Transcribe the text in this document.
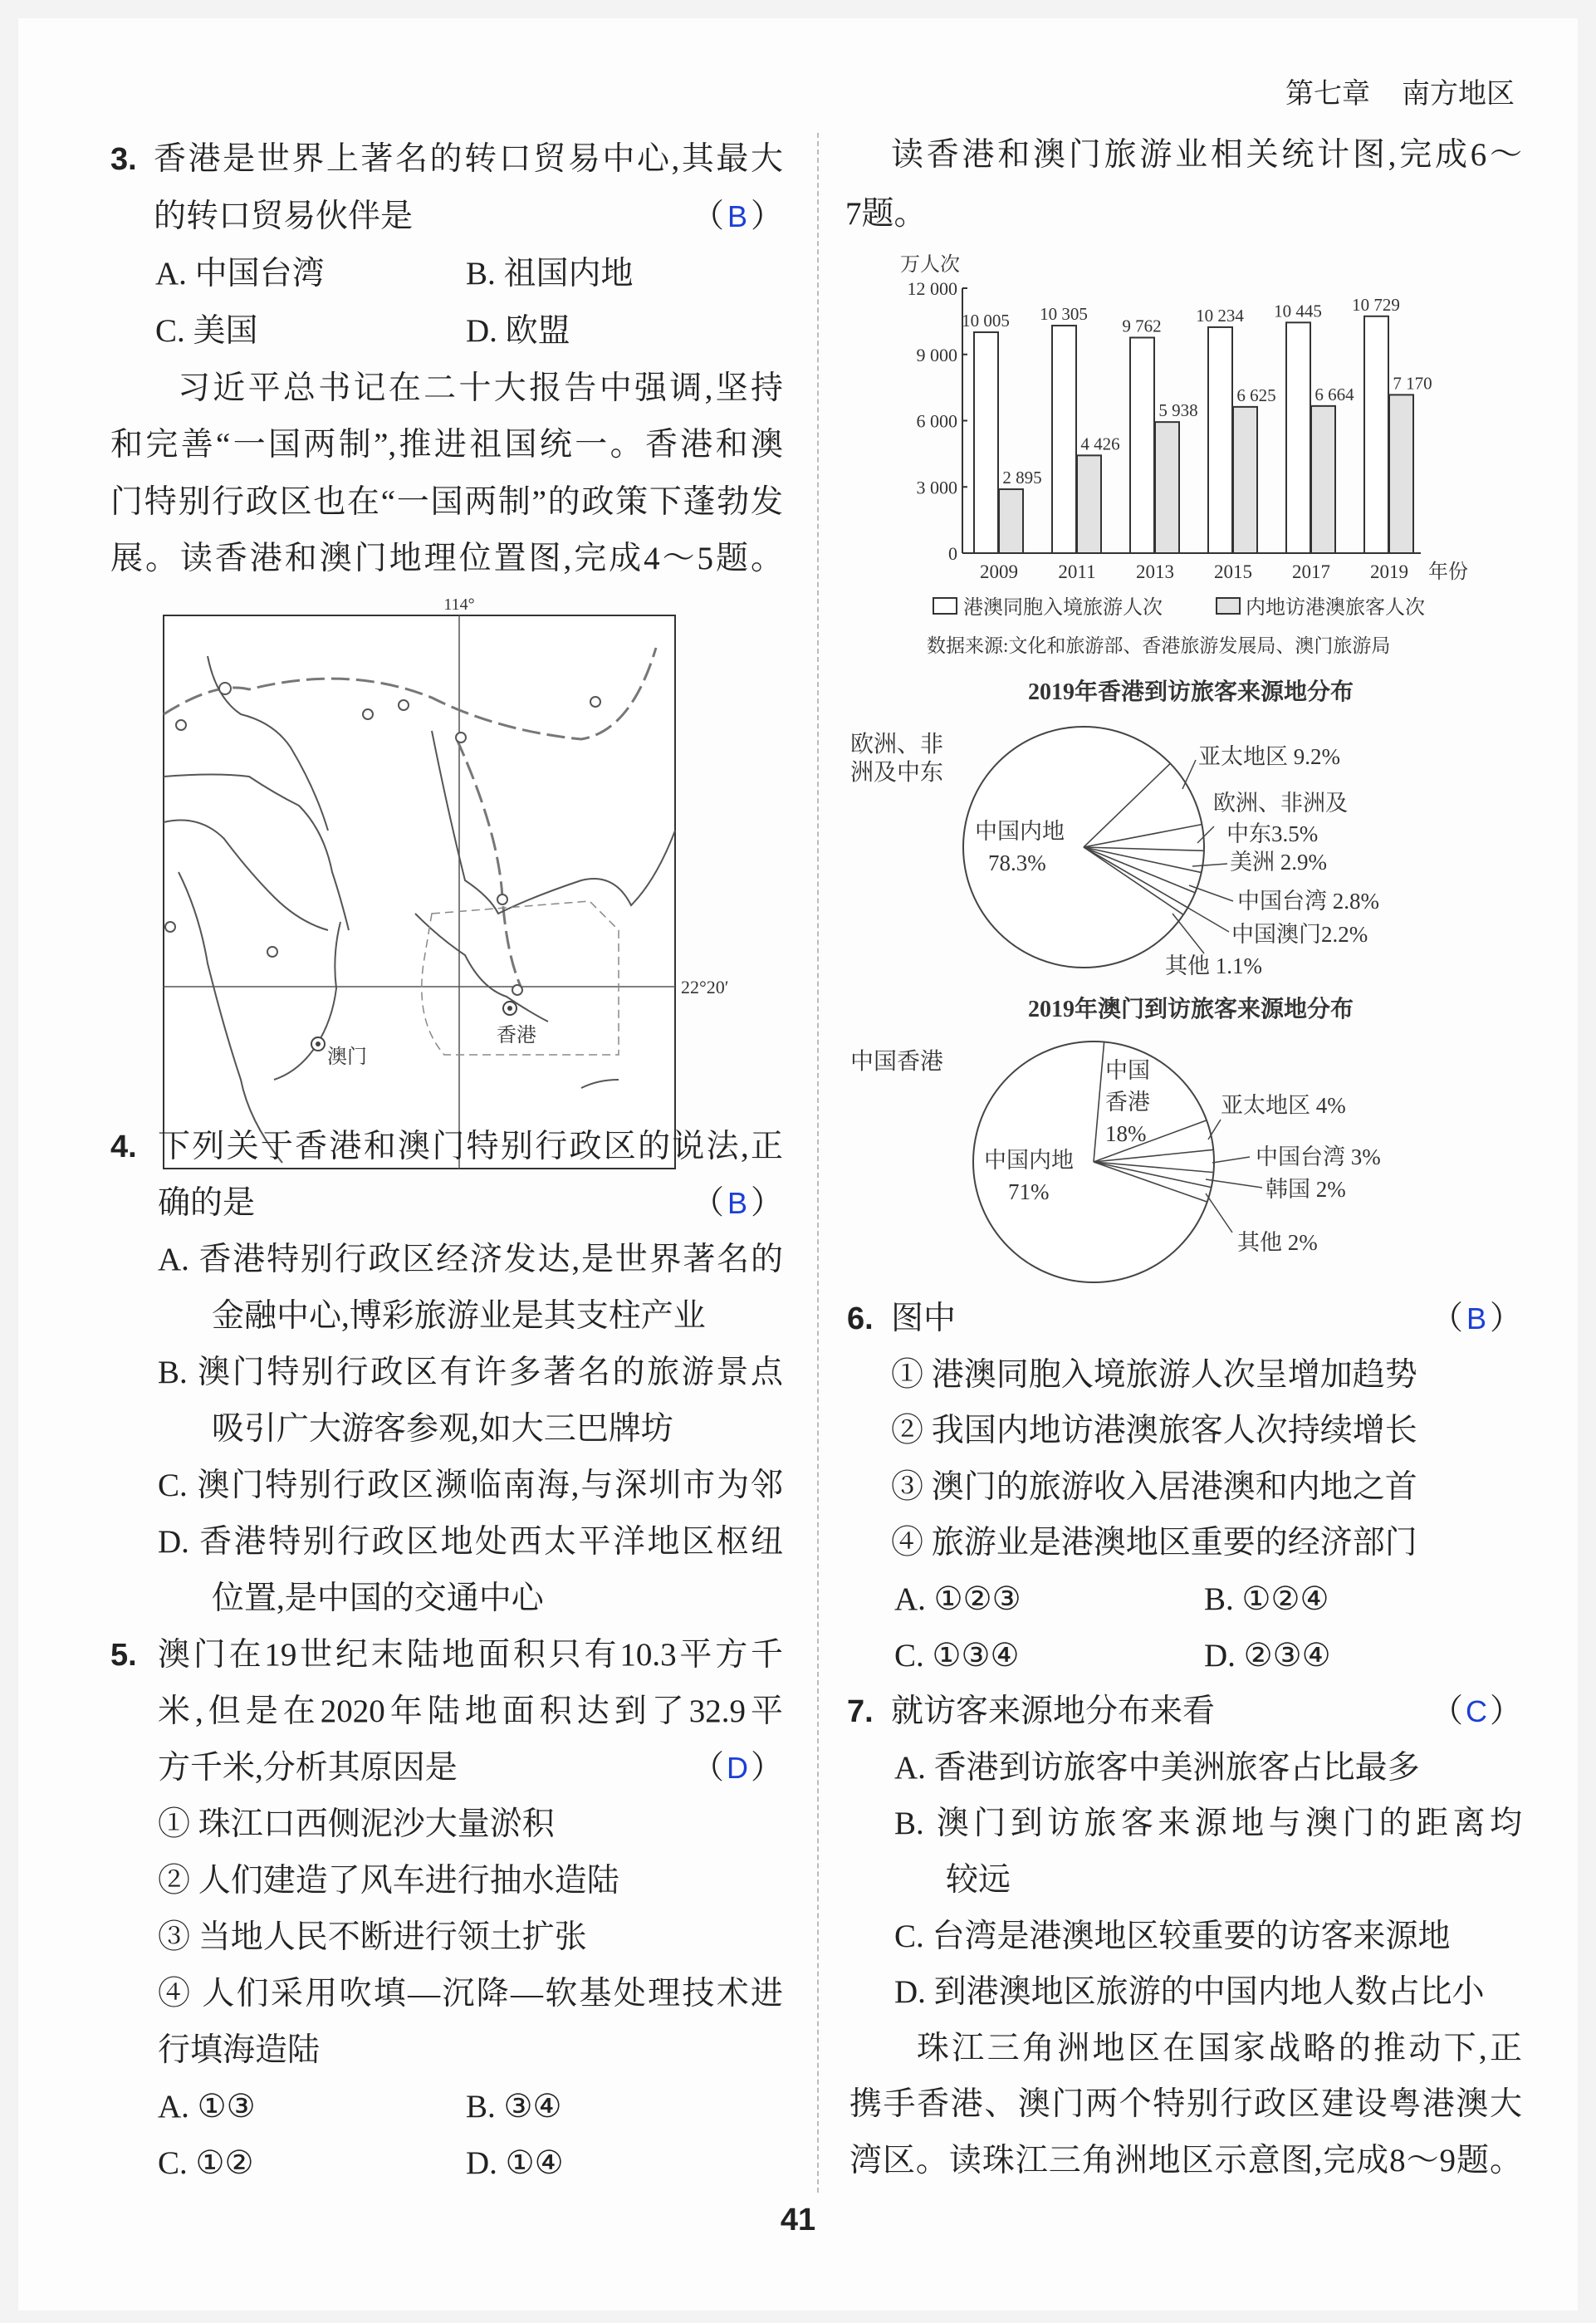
第七章 南方地区
41
114°
22°20′
澳门
香港
2019年香港到访旅客来源地分布
2019年澳门到访旅客来源地分布
亚太地区 9.2%
欧洲、非洲及
中东3.5%
美洲 2.9%
中国台湾 2.8%
中国澳门2.2%
其他 1.1%
中国内地
78.3%
中国
香港
18%
亚太地区 4%
中国台湾 3%
韩国 2%
其他 2%
中国内地
71%
万人次
年份
0
3 000
6 000
9 000
12 000
10 005
2 895
2009
10 305
4 426
2011
9 762
5 938
2013
10 234
6 625
2015
10 445
6 664
2017
10 729
7 170
2019
港澳同胞入境旅游人次	内地访港澳旅客人次
数据来源:文化和旅游部、香港旅游发展局、澳门旅游局
3. 香港是世界上著名的转口贸易中心,其最大
的转口贸易伙伴是	（ B ）
A. 中国台湾	B. 祖国内地
C. 美国	D. 欧盟
习近平总书记在二十大报告中强调,坚持
和完善“一国两制”,推进祖国统一。香港和澳
门特别行政区也在“一国两制”的政策下蓬勃发
展。读香港和澳门地理位置图,完成4～5题。
4. 下列关于香港和澳门特别行政区的说法,正
确的是	（ B ）
A. 香港特别行政区经济发达,是世界著名的
金融中心,博彩旅游业是其支柱产业
B. 澳门特别行政区有许多著名的旅游景点
吸引广大游客参观,如大三巴牌坊
C. 澳门特别行政区濒临南海,与深圳市为邻
D. 香港特别行政区地处西太平洋地区枢纽
位置,是中国的交通中心
5. 澳门在19世纪末陆地面积只有10.3平方千
米,但是在2020年陆地面积达到了32.9平
方千米,分析其原因是	（ D ）
① 珠江口西侧泥沙大量淤积
② 人们建造了风车进行抽水造陆
③ 当地人民不断进行领土扩张
④ 人们采用吹填—沉降—软基处理技术进
行填海造陆
A. ①③	B. ③④
C. ①②	D. ①④
读香港和澳门旅游业相关统计图,完成6～
7题。
6. 图中	（ B ）
① 港澳同胞入境旅游人次呈增加趋势
② 我国内地访港澳旅客人次持续增长
③ 澳门的旅游收入居港澳和内地之首
④ 旅游业是港澳地区重要的经济部门
A. ①②③	B. ①②④
C. ①③④	D. ②③④
7. 就访客来源地分布来看	（ C ）
A. 香港到访旅客中美洲旅客占比最多
B. 澳门到访旅客来源地与澳门的距离均
较远
C. 台湾是港澳地区较重要的访客来源地
D. 到港澳地区旅游的中国内地人数占比小
珠江三角洲地区在国家战略的推动下,正
携手香港、澳门两个特别行政区建设粤港澳大
湾区。读珠江三角洲地区示意图,完成8～9题。
欧洲、非洲及中东
中国香港
